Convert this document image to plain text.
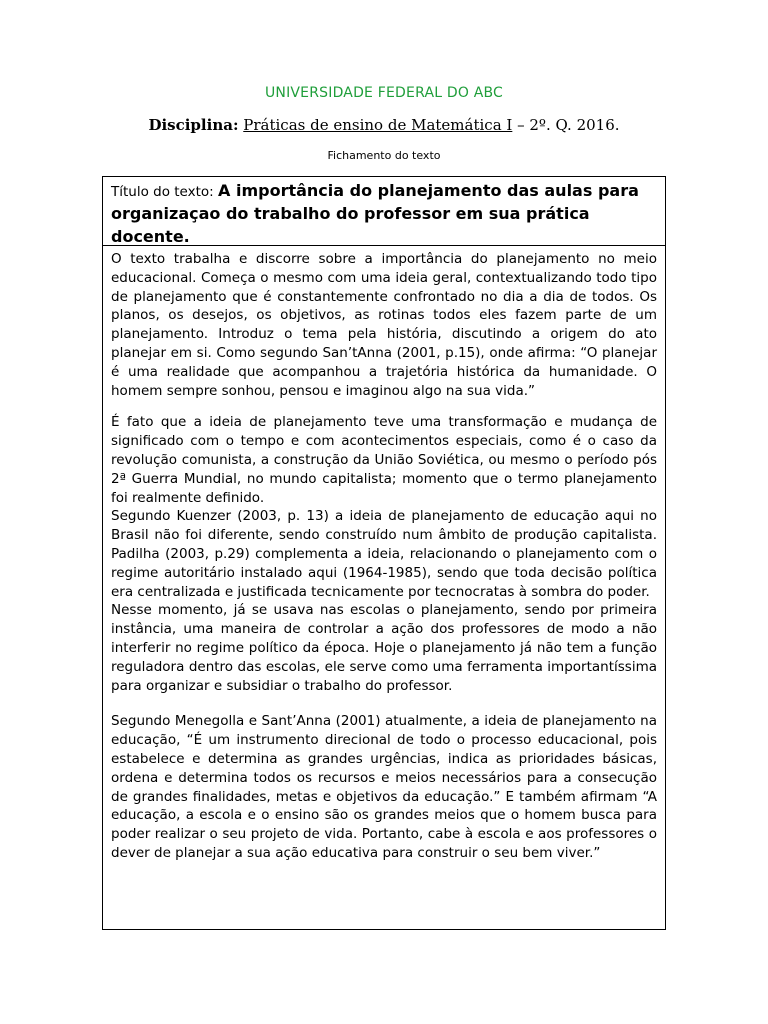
UNIVERSIDADE FEDERAL DO ABC
Disciplina: Práticas de ensino de Matemática I – 2º. Q. 2016.
Fichamento do texto
Título do texto: A importância do planejamento das aulas para organizaçao do trabalho do professor em sua prática docente.

O texto trabalha e discorre sobre a importância do planejamento no meio educacional. Começa o mesmo com uma ideia geral, contextualizando todo tipo de planejamento que é constantemente confrontado no dia a dia de todos. Os planos, os desejos, os objetivos, as rotinas todos eles fazem parte de um planejamento. Introduz o tema pela história, discutindo a origem do ato planejar em si. Como segundo San’tAnna (2001, p.15), onde afirma: “O planejar é uma realidade que acompanhou a trajetória histórica da humanidade. O homem sempre sonhou, pensou e imaginou algo na sua vida.”

É fato que a ideia de planejamento teve uma transformação e mudança de significado com o tempo e com acontecimentos especiais, como é o caso da revolução comunista, a construção da União Soviética, ou mesmo o período pós 2ª Guerra Mundial, no mundo capitalista; momento que o termo planejamento foi realmente definido.

Segundo Kuenzer (2003, p. 13) a ideia de planejamento de educação aqui no Brasil não foi diferente, sendo construído num âmbito de produção capitalista. Padilha (2003, p.29) complementa a ideia, relacionando o planejamento com o regime autoritário instalado aqui (1964-1985), sendo que toda decisão política era centralizada e justificada tecnicamente por tecnocratas à sombra do poder.

Nesse momento, já se usava nas escolas o planejamento, sendo por primeira instância, uma maneira de controlar a ação dos professores de modo a não interferir no regime político da época. Hoje o planejamento já não tem a função reguladora dentro das escolas, ele serve como uma ferramenta importantíssima para organizar e subsidiar o trabalho do professor.

Segundo Menegolla e Sant’Anna (2001) atualmente, a ideia de planejamento na educação, “É um instrumento direcional de todo o processo educacional, pois estabelece e determina as grandes urgências, indica as prioridades básicas, ordena e determina todos os recursos e meios necessários para a consecução de grandes finalidades, metas e objetivos da educação.” E também afirmam “A educação, a escola e o ensino são os grandes meios que o homem busca para poder realizar o seu projeto de vida. Portanto, cabe à escola e aos professores o dever de planejar a sua ação educativa para construir o seu bem viver.”
